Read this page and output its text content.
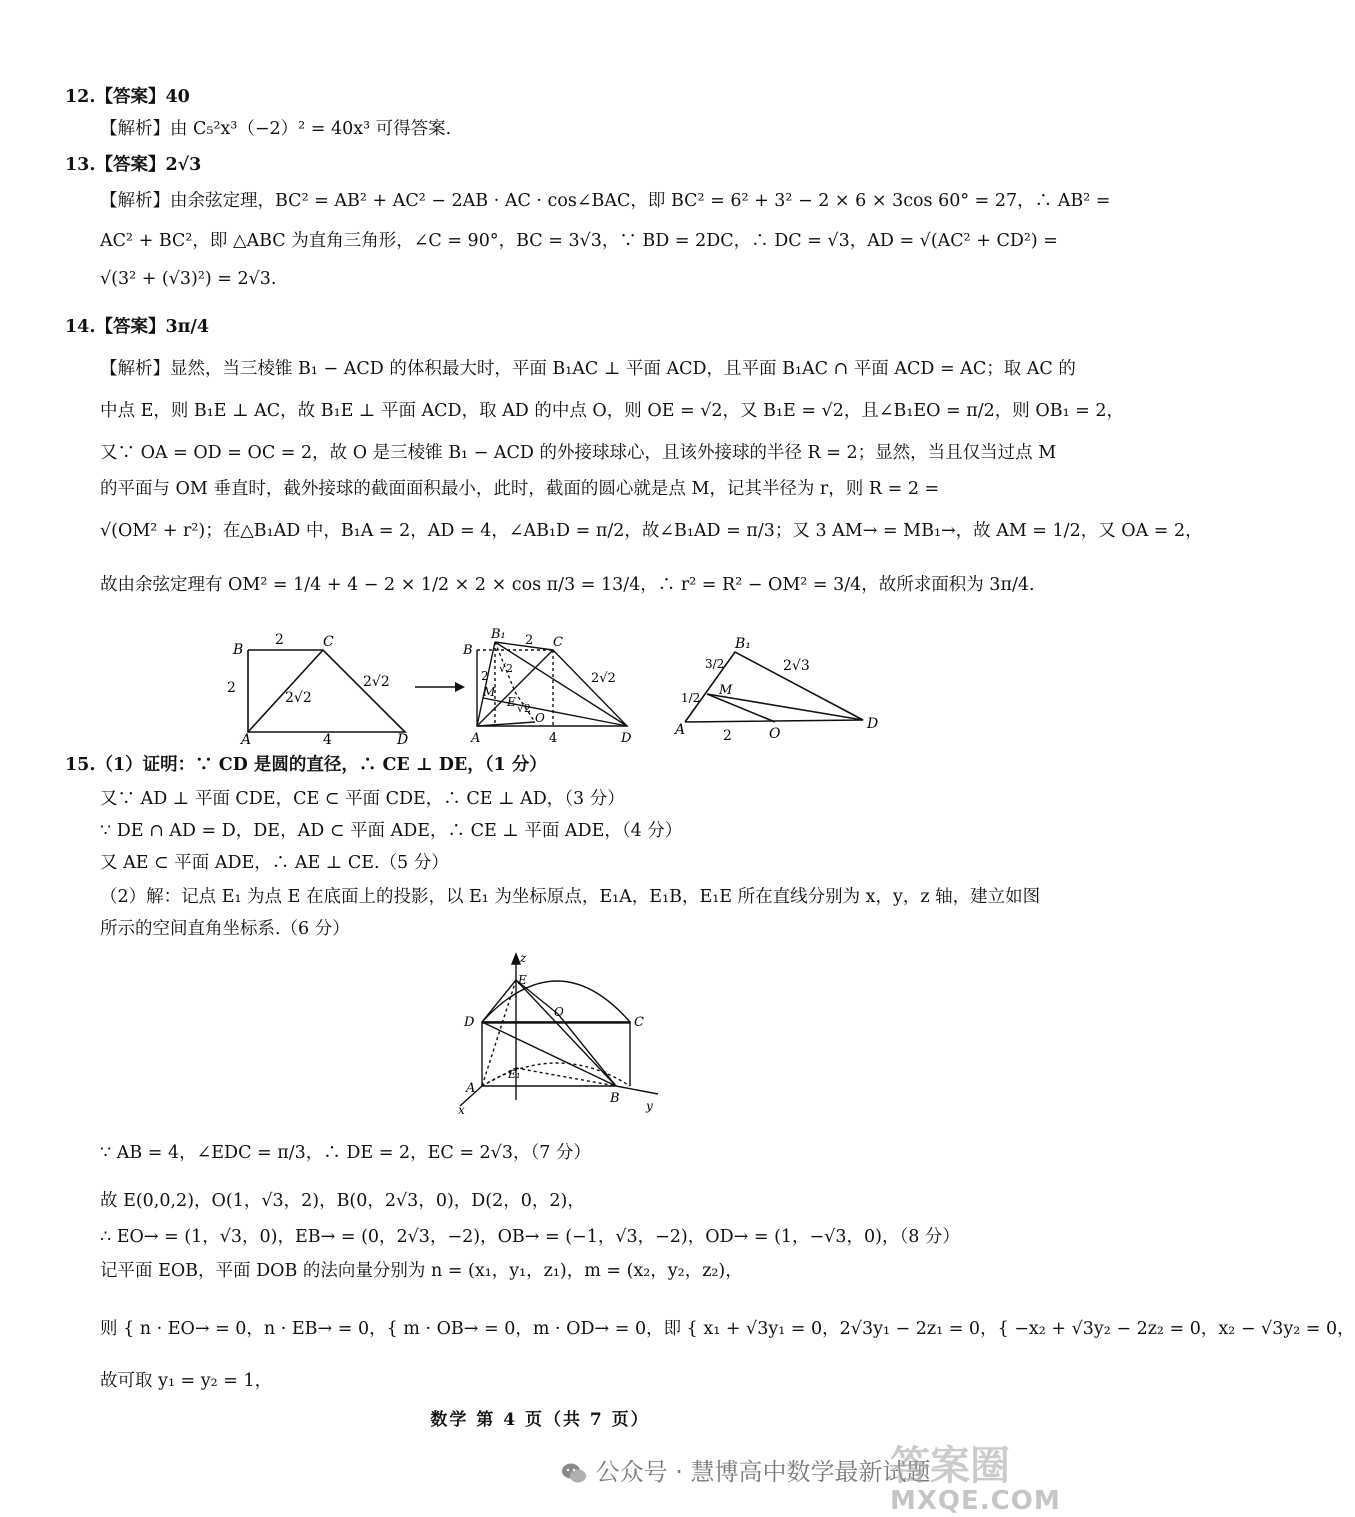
12.【答案】40
【解析】由 C₅²x³（−2）² = 40x³ 可得答案.
13.【答案】2√3
【解析】由余弦定理，BC² = AB² + AC² − 2AB · AC · cos∠BAC，即 BC² = 6² + 3² − 2 × 6 × 3cos 60° = 27，∴ AB² =
AC² + BC²，即 △ABC 为直角三角形，∠C = 90°，BC = 3√3，∵ BD = 2DC，∴ DC = √3，AD = √(AC² + CD²) =
√(3² + (√3)²) = 2√3.
14.【答案】3π/4
【解析】显然，当三棱锥 B₁ − ACD 的体积最大时，平面 B₁AC ⊥ 平面 ACD，且平面 B₁AC ∩ 平面 ACD = AC；取 AC 的
中点 E，则 B₁E ⊥ AC，故 B₁E ⊥ 平面 ACD，取 AD 的中点 O，则 OE = √2，又 B₁E = √2，且∠B₁EO = π/2，则 OB₁ = 2，
又∵ OA = OD = OC = 2，故 O 是三棱锥 B₁ − ACD 的外接球球心，且该外接球的半径 R = 2；显然，当且仅当过点 M
的平面与 OM 垂直时，截外接球的截面面积最小，此时，截面的圆心就是点 M，记其半径为 r，则 R = 2 =
√(OM² + r²)；在△B₁AD 中，B₁A = 2，AD = 4，∠AB₁D = π/2，故∠B₁AD = π/3；又 3 AM→ = MB₁→，故 AM = 1/2，又 OA = 2，
故由余弦定理有 OM² = 1/4 + 4 − 2 × 1/2 × 2 × cos π/3 = 13/4，∴ r² = R² − OM² = 3/4，故所求面积为 3π/4.
B	C
A	D
2
2
4
2√2
2√2
B₁
B
C
A	D
M
E
O
2
2
4
2√2
√2
√2
B₁
A
M
O
D
3/2
1/2
2√3
2
15.（1）证明：∵ CD 是圆的直径，∴ CE ⊥ DE，（1 分）
又∵ AD ⊥ 平面 CDE，CE ⊂ 平面 CDE，∴ CE ⊥ AD，（3 分）
∵ DE ∩ AD = D，DE，AD ⊂ 平面 ADE，∴ CE ⊥ 平面 ADE，（4 分）
又 AE ⊂ 平面 ADE，∴ AE ⊥ CE.（5 分）
（2）解：记点 E₁ 为点 E 在底面上的投影，以 E₁ 为坐标原点，E₁A，E₁B，E₁E 所在直线分别为 x，y，z 轴，建立如图
所示的空间直角坐标系.（6 分）
z
E
D
O
C
E₁
A
B
x	y
∵ AB = 4，∠EDC = π/3，∴ DE = 2，EC = 2√3，（7 分）
故 E(0,0,2)，O(1，√3，2)，B(0，2√3，0)，D(2，0，2)，
∴ EO→ = (1，√3，0)，EB→ = (0，2√3，−2)，OB→ = (−1，√3，−2)，OD→ = (1，−√3，0)，（8 分）
记平面 EOB，平面 DOB 的法向量分别为 n = (x₁，y₁，z₁)，m = (x₂，y₂，z₂)，
则 { n · EO→ = 0，n · EB→ = 0，{ m · OB→ = 0，m · OD→ = 0，即 { x₁ + √3y₁ = 0，2√3y₁ − 2z₁ = 0，{ −x₂ + √3y₂ − 2z₂ = 0，x₂ − √3y₂ = 0，
故可取 y₁ = y₂ = 1，
数学 第 4 页（共 7 页）
公众号 · 慧博高中数学最新试题
答案圈
MXQE.COM
